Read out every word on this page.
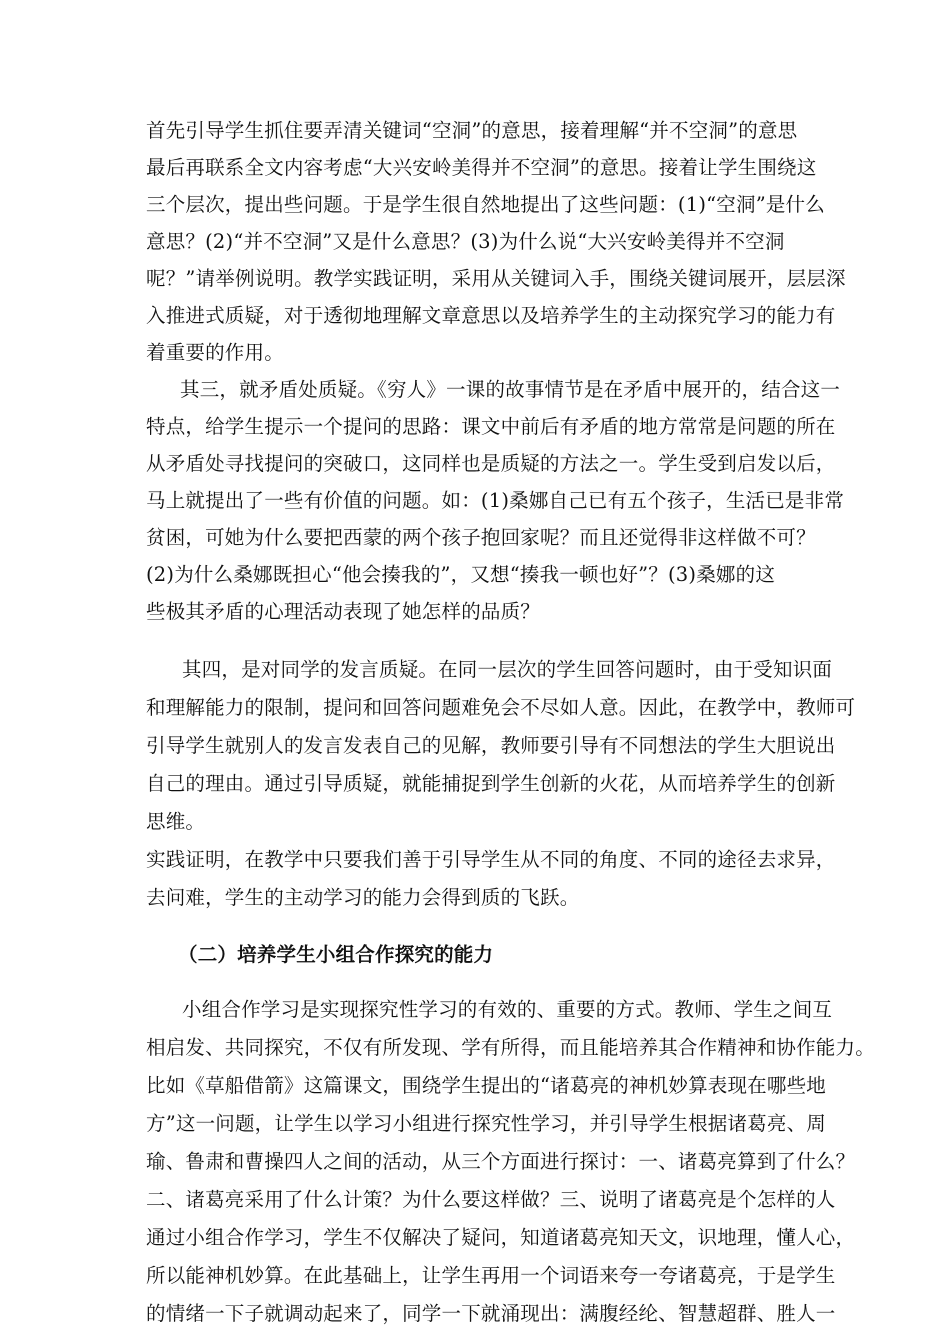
首先引导学生抓住要弄清关键词“空洞”的意思，接着理解“并不空洞”的意思
最后再联系全文内容考虑“大兴安岭美得并不空洞”的意思。接着让学生围绕这
三个层次，提出些问题。于是学生很自然地提出了这些问题：(1)“空洞”是什么
意思？(2)“并不空洞”又是什么意思？(3)为什么说“大兴安岭美得并不空洞
呢？”请举例说明。教学实践证明，采用从关键词入手，围绕关键词展开，层层深
入推进式质疑，对于透彻地理解文章意思以及培养学生的主动探究学习的能力有
着重要的作用。
其三，就矛盾处质疑。《穷人》一课的故事情节是在矛盾中展开的，结合这一
特点，给学生提示一个提问的思路：课文中前后有矛盾的地方常常是问题的所在
从矛盾处寻找提问的突破口，这同样也是质疑的方法之一。学生受到启发以后，
马上就提出了一些有价值的问题。如：(1)桑娜自己已有五个孩子，生活已是非常
贫困，可她为什么要把西蒙的两个孩子抱回家呢？而且还觉得非这样做不可？
(2)为什么桑娜既担心“他会揍我的”，又想“揍我一顿也好”？(3)桑娜的这
些极其矛盾的心理活动表现了她怎样的品质？
其四，是对同学的发言质疑。在同一层次的学生回答问题时，由于受知识面
和理解能力的限制，提问和回答问题难免会不尽如人意。因此，在教学中，教师可
引导学生就别人的发言发表自己的见解，教师要引导有不同想法的学生大胆说出
自己的理由。通过引导质疑，就能捕捉到学生创新的火花，从而培养学生的创新
思维。
实践证明，在教学中只要我们善于引导学生从不同的角度、不同的途径去求异，
去问难，学生的主动学习的能力会得到质的飞跃。
（二）培养学生小组合作探究的能力
小组合作学习是实现探究性学习的有效的、重要的方式。教师、学生之间互
相启发、共同探究，不仅有所发现、学有所得，而且能培养其合作精神和协作能力。
比如《草船借箭》这篇课文，围绕学生提出的“诸葛亮的神机妙算表现在哪些地
方”这一问题，让学生以学习小组进行探究性学习，并引导学生根据诸葛亮、周
瑜、鲁肃和曹操四人之间的活动，从三个方面进行探讨：一、诸葛亮算到了什么？
二、诸葛亮采用了什么计策？为什么要这样做？三、说明了诸葛亮是个怎样的人
通过小组合作学习，学生不仅解决了疑问，知道诸葛亮知天文，识地理，懂人心，
所以能神机妙算。在此基础上，让学生再用一个词语来夸一夸诸葛亮，于是学生
的情绪一下子就调动起来了，同学一下就涌现出：满腹经纶、智慧超群、胜人一
